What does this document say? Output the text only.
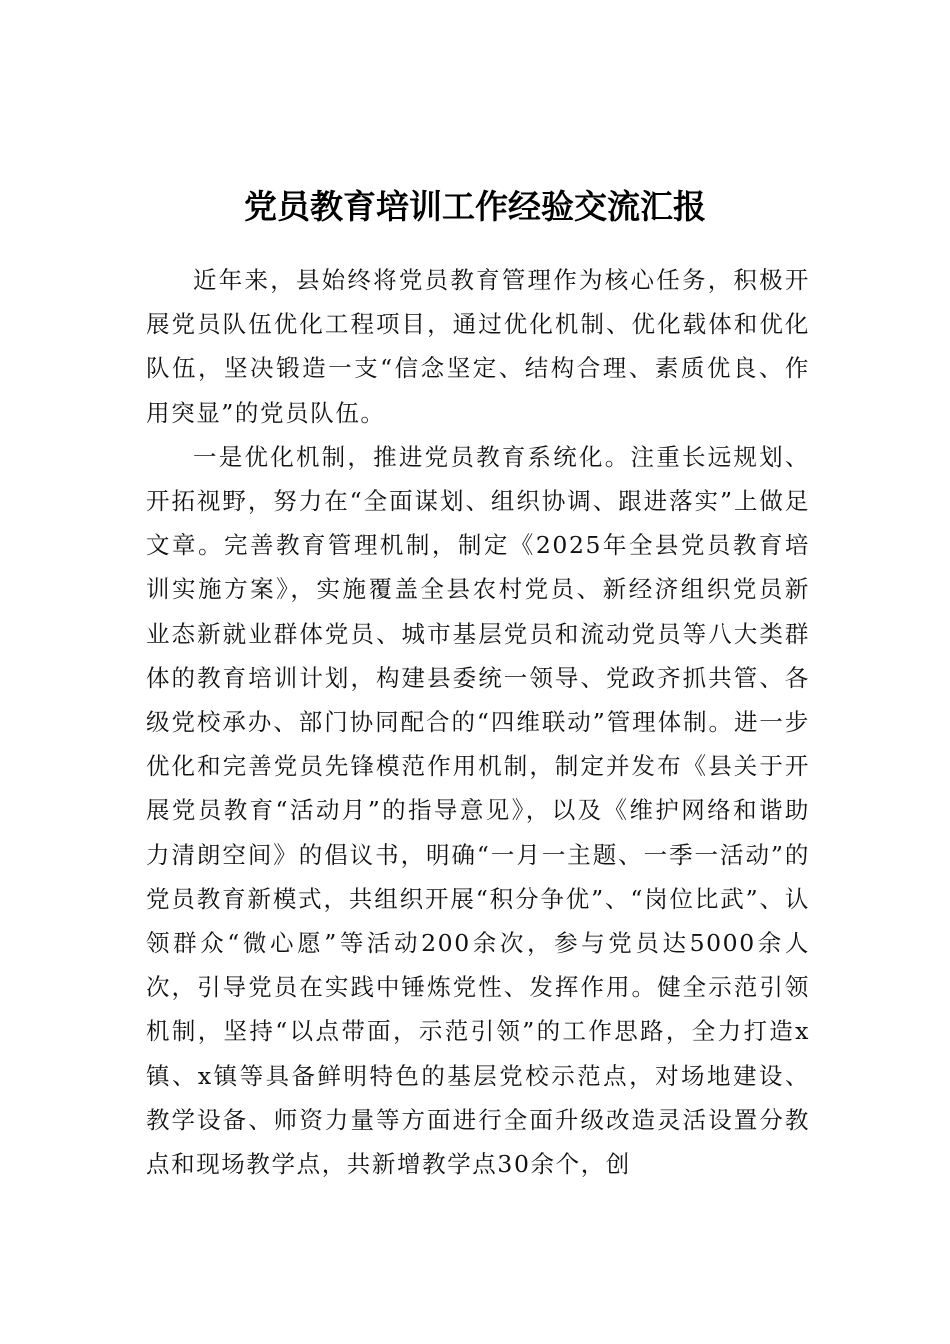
党员教育培训工作经验交流汇报

近年来，县始终将党员教育管理作为核心任务，积极开展党员队伍优化工程项目，通过优化机制、优化载体和优化队伍，坚决锻造一支“信念坚定、结构合理、素质优良、作用突显”的党员队伍。

一是优化机制，推进党员教育系统化。注重长远规划、开拓视野，努力在“全面谋划、组织协调、跟进落实”上做足文章。完善教育管理机制，制定《2025年全县党员教育培训实施方案》，实施覆盖全县农村党员、新经济组织党员新业态新就业群体党员、城市基层党员和流动党员等八大类群体的教育培训计划，构建县委统一领导、党政齐抓共管、各级党校承办、部门协同配合的“四维联动”管理体制。进一步优化和完善党员先锋模范作用机制，制定并发布《县关于开展党员教育“活动月”的指导意见》，以及《维护网络和谐助力清朗空间》的倡议书，明确“一月一主题、一季一活动”的党员教育新模式，共组织开展“积分争优”、“岗位比武”、认领群众“微心愿”等活动200余次，参与党员达5000余人次，引导党员在实践中锤炼党性、发挥作用。健全示范引领机制，坚持“以点带面，示范引领”的工作思路，全力打造x镇、x镇等具备鲜明特色的基层党校示范点，对场地建设、教学设备、师资力量等方面进行全面升级改造灵活设置分教点和现场教学点，共新增教学点30余个，创
